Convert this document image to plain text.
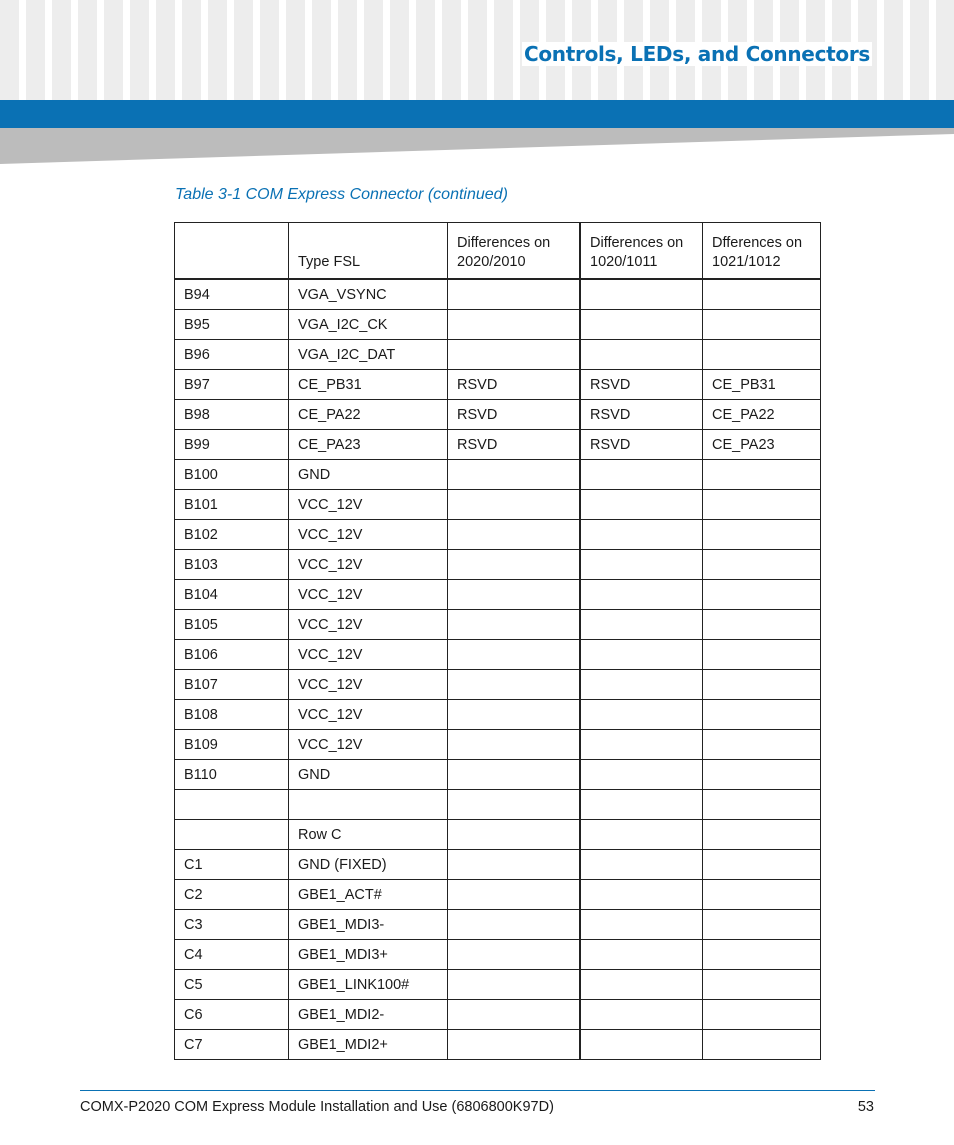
Controls, LEDs, and Connectors
Table 3-1 COM Express Connector (continued)
	Type FSL	Differences on 2020/2010	Differences on 1020/1011	Dfferences on 1021/1012
B94	VGA_VSYNC			
B95	VGA_I2C_CK			
B96	VGA_I2C_DAT			
B97	CE_PB31	RSVD	RSVD	CE_PB31
B98	CE_PA22	RSVD	RSVD	CE_PA22
B99	CE_PA23	RSVD	RSVD	CE_PA23
B100	GND			
B101	VCC_12V			
B102	VCC_12V			
B103	VCC_12V			
B104	VCC_12V			
B105	VCC_12V			
B106	VCC_12V			
B107	VCC_12V			
B108	VCC_12V			
B109	VCC_12V			
B110	GND			

	Row C			
C1	GND (FIXED)			
C2	GBE1_ACT#			
C3	GBE1_MDI3-			
C4	GBE1_MDI3+			
C5	GBE1_LINK100#			
C6	GBE1_MDI2-			
C7	GBE1_MDI2+			
COMX-P2020 COM Express Module Installation and Use (6806800K97D)	53
